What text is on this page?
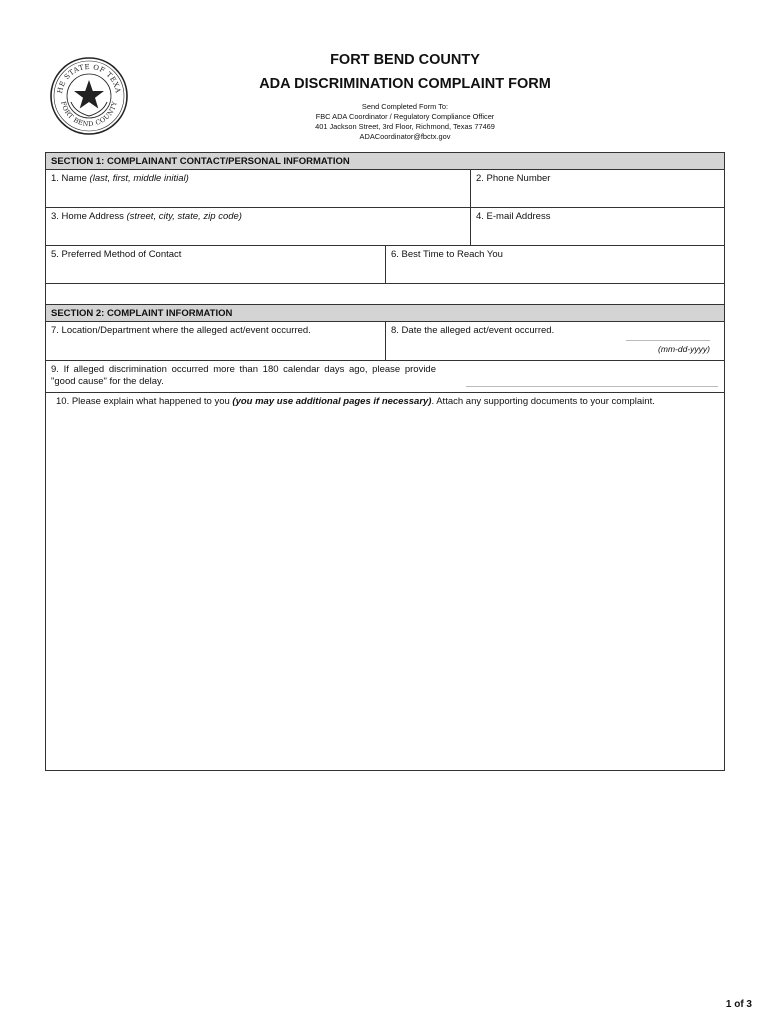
HE STATE OF TEXA
FORT BEND COUNTY
FORT BEND COUNTY
ADA DISCRIMINATION COMPLAINT FORM
Send Completed Form To:
FBC ADA Coordinator / Regulatory Compliance Officer
401 Jackson Street, 3rd Floor, Richmond, Texas 77469
ADACoordinator@fbctx.gov
SECTION 1: COMPLAINANT CONTACT/PERSONAL INFORMATION
1. Name (last, first, middle initial)	2. Phone Number
3. Home Address (street, city, state, zip code)	4. E-mail Address
5. Preferred Method of Contact	6. Best Time to Reach You
SECTION 2: COMPLAINT INFORMATION
7. Location/Department where the alleged act/event occurred.	8. Date the alleged act/event occurred.
(mm-dd-yyyy)
9. If alleged discrimination occurred more than 180 calendar days ago, please provide "good cause" for the delay.
10. Please explain what happened to you (you may use additional pages if necessary). Attach any supporting documents to your complaint.
1 of 3
